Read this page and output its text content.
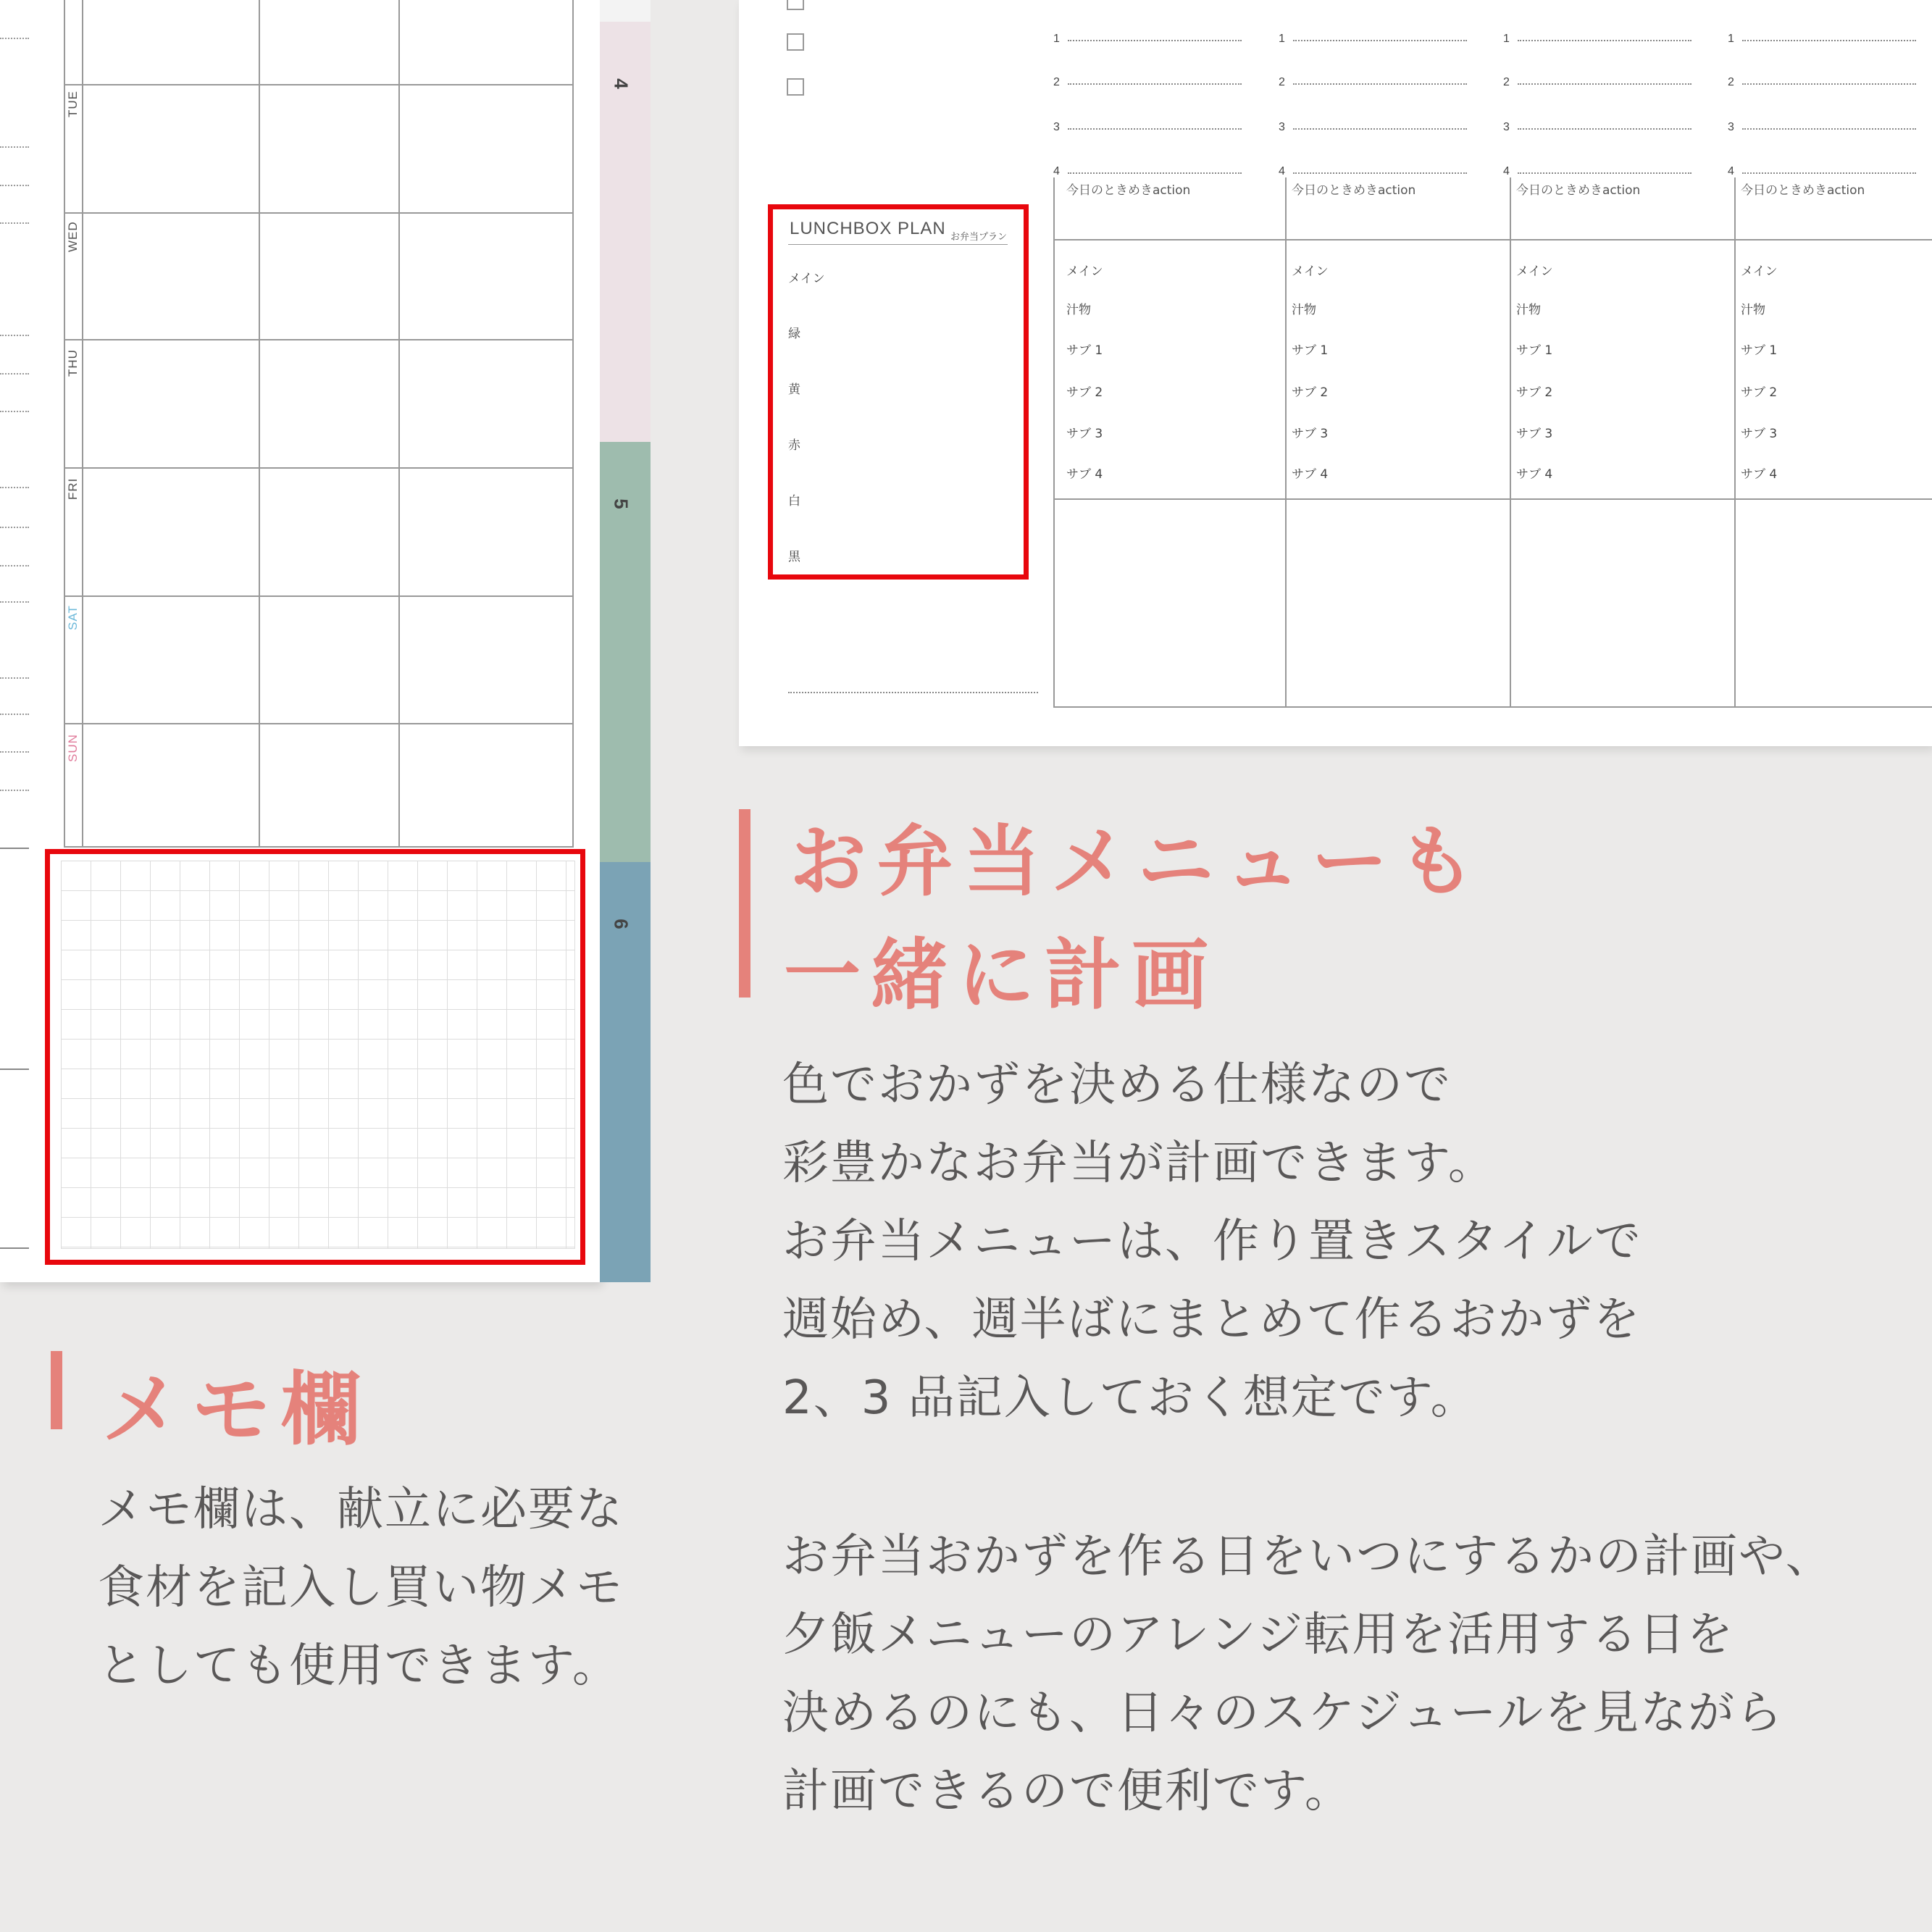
TUE
WED
THU
FRI
SAT
SUN
4
5
6
1
2
3
4
今日のときめきaction
メイン
汁物
サブ 1
サブ 2
サブ 3
サブ 4
1
2
3
4
今日のときめきaction
メイン
汁物
サブ 1
サブ 2
サブ 3
サブ 4
1
2
3
4
今日のときめきaction
メイン
汁物
サブ 1
サブ 2
サブ 3
サブ 4
1
2
3
4
今日のときめきaction
メイン
汁物
サブ 1
サブ 2
サブ 3
サブ 4
LUNCHBOX PLAN お弁当プラン
メイン
緑
黄
赤
白
黒
お弁当メニューも
一緒に計画
色でおかずを決める仕様なので
彩豊かなお弁当が計画できます。
お弁当メニューは、作り置きスタイルで
週始め、週半ばにまとめて作るおかずを
2、3 品記入しておく想定です。
お弁当おかずを作る日をいつにするかの計画や、
夕飯メニューのアレンジ転用を活用する日を
決めるのにも、日々のスケジュールを見ながら
計画できるので便利です。
メモ欄
メモ欄は、献立に必要な
食材を記入し買い物メモ
としても使用できます。
